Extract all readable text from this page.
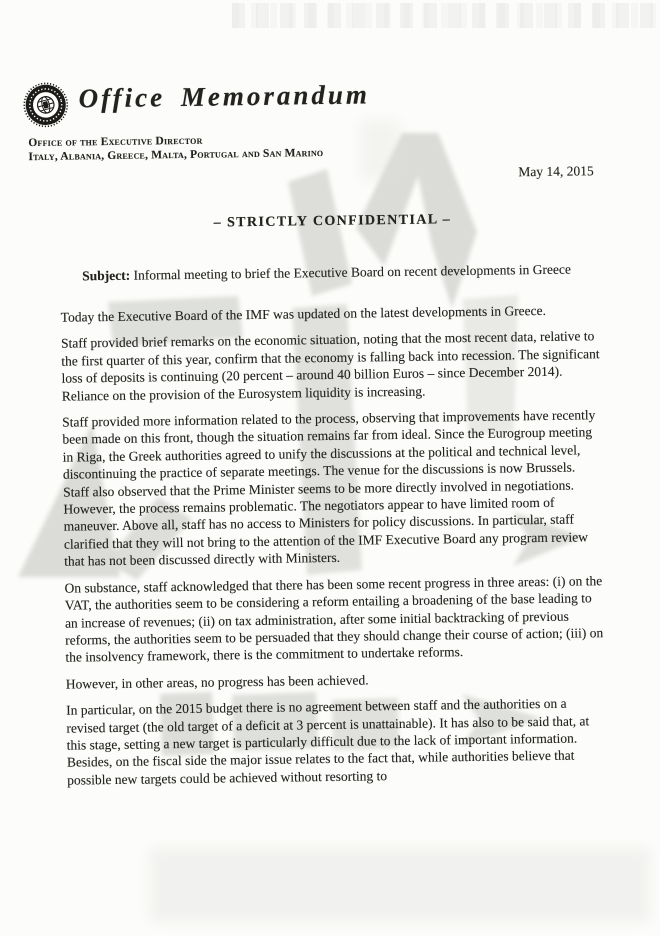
Office Memorandum
Office of the Executive Director
Italy, Albania, Greece, Malta, Portugal and San Marino
May 14, 2015
– STRICTLY CONFIDENTIAL –
Subject: Informal meeting to brief the Executive Board on recent developments in Greece

Today the Executive Board of the IMF was updated on the latest developments in Greece.

Staff provided brief remarks on the economic situation, noting that the most recent data, relative to the first quarter of this year, confirm that the economy is falling back into recession. The significant loss of deposits is continuing (20 percent – around 40 billion Euros – since December 2014). Reliance on the provision of the Eurosystem liquidity is increasing.

Staff provided more information related to the process, observing that improvements have recently been made on this front, though the situation remains far from ideal. Since the Eurogroup meeting in Riga, the Greek authorities agreed to unify the discussions at the political and technical level, discontinuing the practice of separate meetings. The venue for the discussions is now Brussels. Staff also observed that the Prime Minister seems to be more directly involved in negotiations. However, the process remains problematic. The negotiators appear to have limited room of maneuver. Above all, staff has no access to Ministers for policy discussions. In particular, staff clarified that they will not bring to the attention of the IMF Executive Board any program review that has not been discussed directly with Ministers.

On substance, staff acknowledged that there has been some recent progress in three areas: (i) on the VAT, the authorities seem to be considering a reform entailing a broadening of the base leading to an increase of revenues; (ii) on tax administration, after some initial backtracking of previous reforms, the authorities seem to be persuaded that they should change their course of action; (iii) on the insolvency framework, there is the commitment to undertake reforms.

However, in other areas, no progress has been achieved.

In particular, on the 2015 budget there is no agreement between staff and the authorities on a revised target (the old target of a deficit at 3 percent is unattainable). It has also to be said that, at this stage, setting a new target is particularly difficult due to the lack of important information. Besides, on the fiscal side the major issue relates to the fact that, while authorities believe that possible new targets could be achieved without resorting to
